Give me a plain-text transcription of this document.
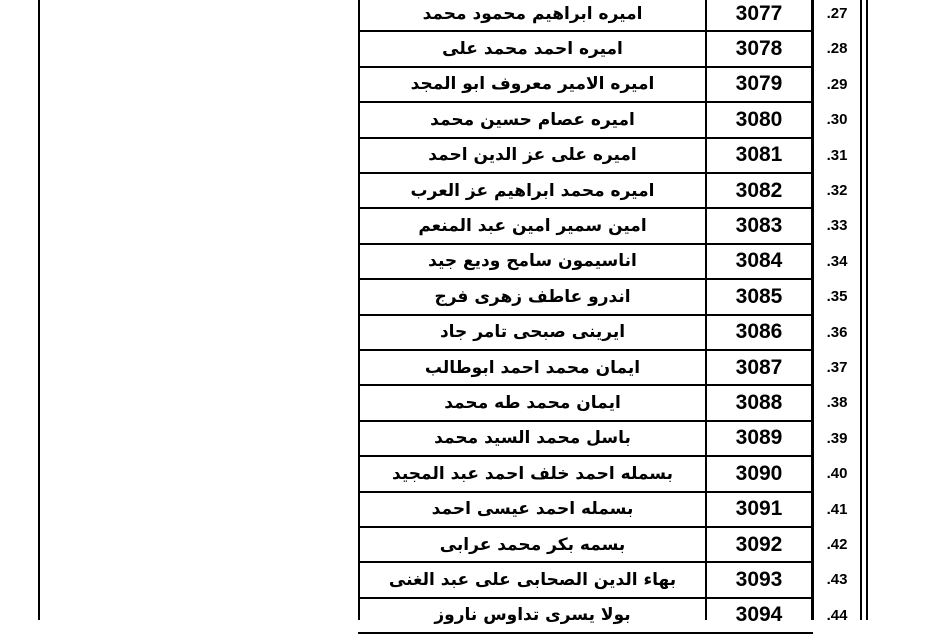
اميره ابراهيم محمود محمد	3077	27.
اميره احمد محمد على	3078	28.
اميره الامير معروف ابو المجد	3079	29.
اميره عصام حسين محمد	3080	30.
اميره على عز الدين احمد	3081	31.
اميره محمد ابراهيم عز العرب	3082	32.
امين سمير امين عبد المنعم	3083	33.
اناسيمون سامح وديع جيد	3084	34.
اندرو عاطف زهرى فرج	3085	35.
ايرينى صبحى تامر جاد	3086	36.
ايمان محمد احمد ابوطالب	3087	37.
ايمان محمد طه محمد	3088	38.
باسل محمد السيد محمد	3089	39.
بسمله احمد خلف احمد عبد المجيد	3090	40.
بسمله احمد عيسى احمد	3091	41.
بسمه بكر محمد عرابى	3092	42.
بهاء الدين الصحابى على عبد الغنى	3093	43.
بولا يسرى تداوس ناروز	3094	44.
